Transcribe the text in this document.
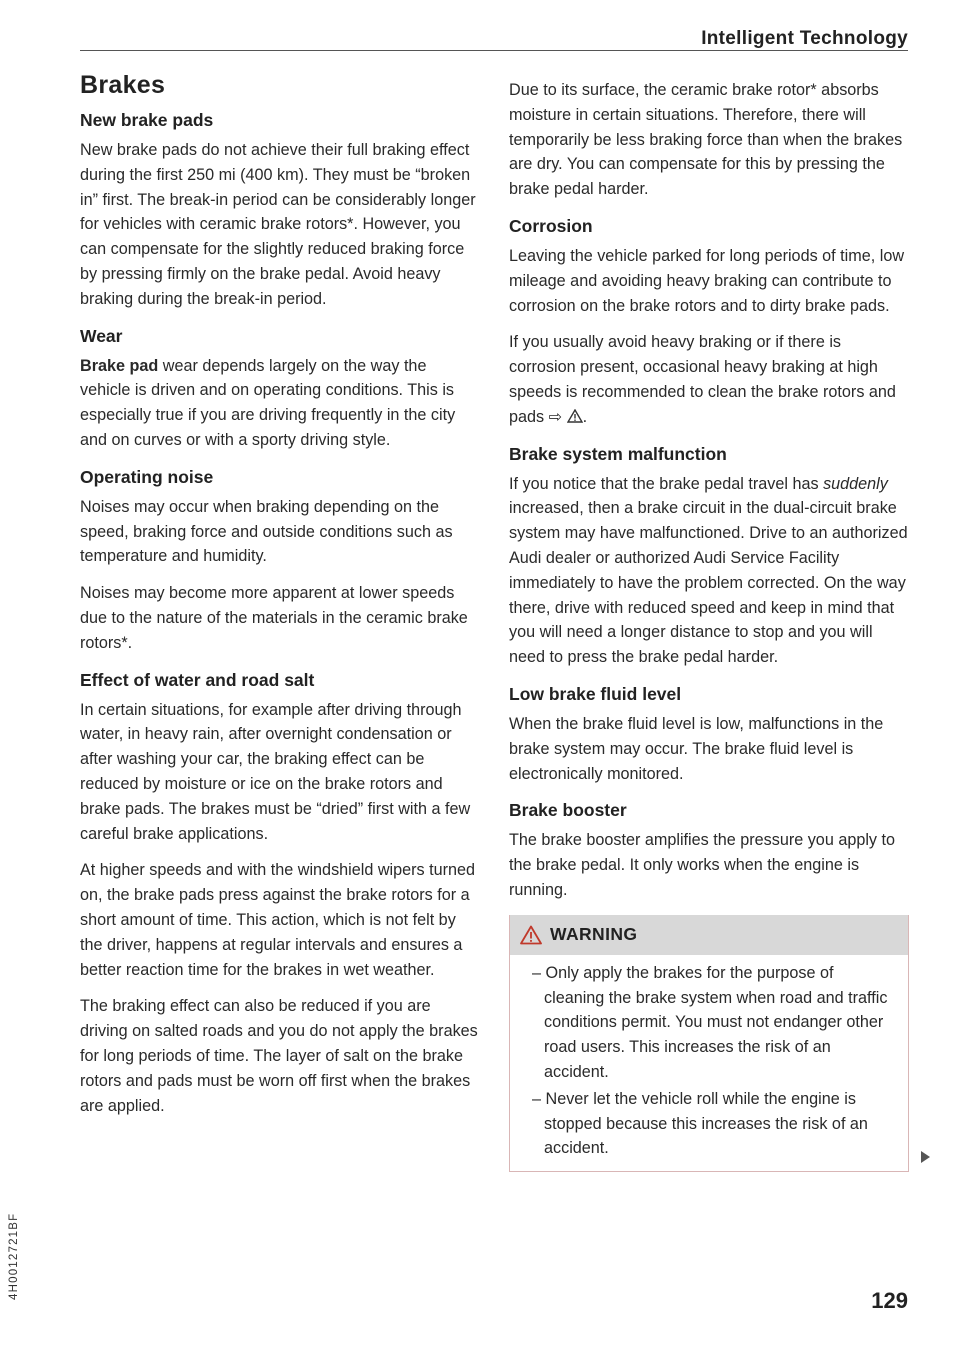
Intelligent Technology
4H0012721BF
Brakes
New brake pads

New brake pads do not achieve their full braking effect during the first 250 mi (400 km). They must be “broken in” first. The break-in period can be considerably longer for vehicles with ceramic brake rotors*. However, you can compensate for the slightly reduced braking force by pressing firmly on the brake pedal. Avoid heavy braking during the break-in period.

Wear

Brake pad wear depends largely on the way the vehicle is driven and on operating conditions. This is especially true if you are driving frequently in the city and on curves or with a sporty driving style.

Operating noise

Noises may occur when braking depending on the speed, braking force and outside conditions such as temperature and humidity.

Noises may become more apparent at lower speeds due to the nature of the materials in the ceramic brake rotors*.

Effect of water and road salt

In certain situations, for example after driving through water, in heavy rain, after overnight condensation or after washing your car, the braking effect can be reduced by moisture or ice on the brake rotors and brake pads. The brakes must be “dried” first with a few careful brake applications.

At higher speeds and with the windshield wipers turned on, the brake pads press against the brake rotors for a short amount of time. This action, which is not felt by the driver, happens at regular intervals and ensures a better reaction time for the brakes in wet weather.

The braking effect can also be reduced if you are driving on salted roads and you do not apply the brakes for long periods of time. The layer of salt on the brake rotors and pads must be worn off first when the brakes are applied.

Due to its surface, the ceramic brake rotor* absorbs moisture in certain situations. Therefore, there will temporarily be less braking force than when the brakes are dry. You can compensate for this by pressing the brake pedal harder.

Corrosion

Leaving the vehicle parked for long periods of time, low mileage and avoiding heavy braking can contribute to corrosion on the brake rotors and to dirty brake pads.

If you usually avoid heavy braking or if there is corrosion present, occasional heavy braking at high speeds is recommended to clean the brake rotors and pads ⇨ .

Brake system malfunction

If you notice that the brake pedal travel has suddenly increased, then a brake circuit in the dual-circuit brake system may have malfunctioned. Drive to an authorized Audi dealer or authorized Audi Service Facility immediately to have the problem corrected. On the way there, drive with reduced speed and keep in mind that you will need a longer distance to stop and you will need to press the brake pedal harder.

Low brake fluid level

When the brake fluid level is low, malfunctions in the brake system may occur. The brake fluid level is electronically monitored.

Brake booster

The brake booster amplifies the pressure you apply to the brake pedal. It only works when the engine is running.

WARNING
– Only apply the brakes for the purpose of cleaning the brake system when road and traffic conditions permit. You must not endanger other road users. This increases the risk of an accident.
– Never let the vehicle roll while the engine is stopped because this increases the risk of an accident.
129
